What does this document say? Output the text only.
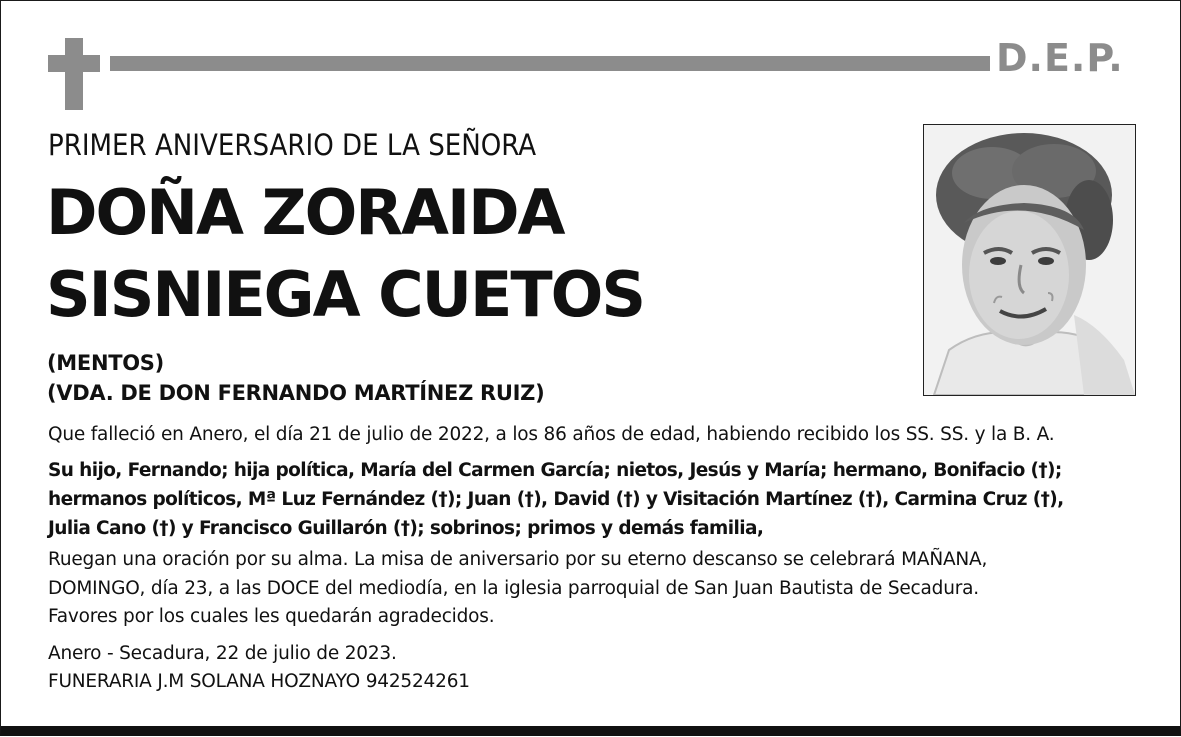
D.E.P.
PRIMER ANIVERSARIO DE LA SEÑORA
DOÑA ZORAIDA
SISNIEGA CUETOS
(MENTOS)
(VDA. DE DON FERNANDO MARTÍNEZ RUIZ)
Que falleció en Anero, el día 21 de julio de 2022, a los 86 años de edad, habiendo recibido los SS. SS. y la B. A.
Su hijo, Fernando; hija política, María del Carmen García; nietos, Jesús y María; hermano, Bonifacio (†);
hermanos políticos, Mª Luz Fernández (†); Juan (†), David (†) y Visitación Martínez (†), Carmina Cruz (†),
Julia Cano (†) y Francisco Guillarón (†); sobrinos; primos y demás familia,
Ruegan una oración por su alma. La misa de aniversario por su eterno descanso se celebrará MAÑANA,
DOMINGO, día 23, a las DOCE del mediodía, en la iglesia parroquial de San Juan Bautista de Secadura.
Favores por los cuales les quedarán agradecidos.
Anero - Secadura, 22 de julio de 2023.
FUNERARIA J.M SOLANA HOZNAYO 942524261
